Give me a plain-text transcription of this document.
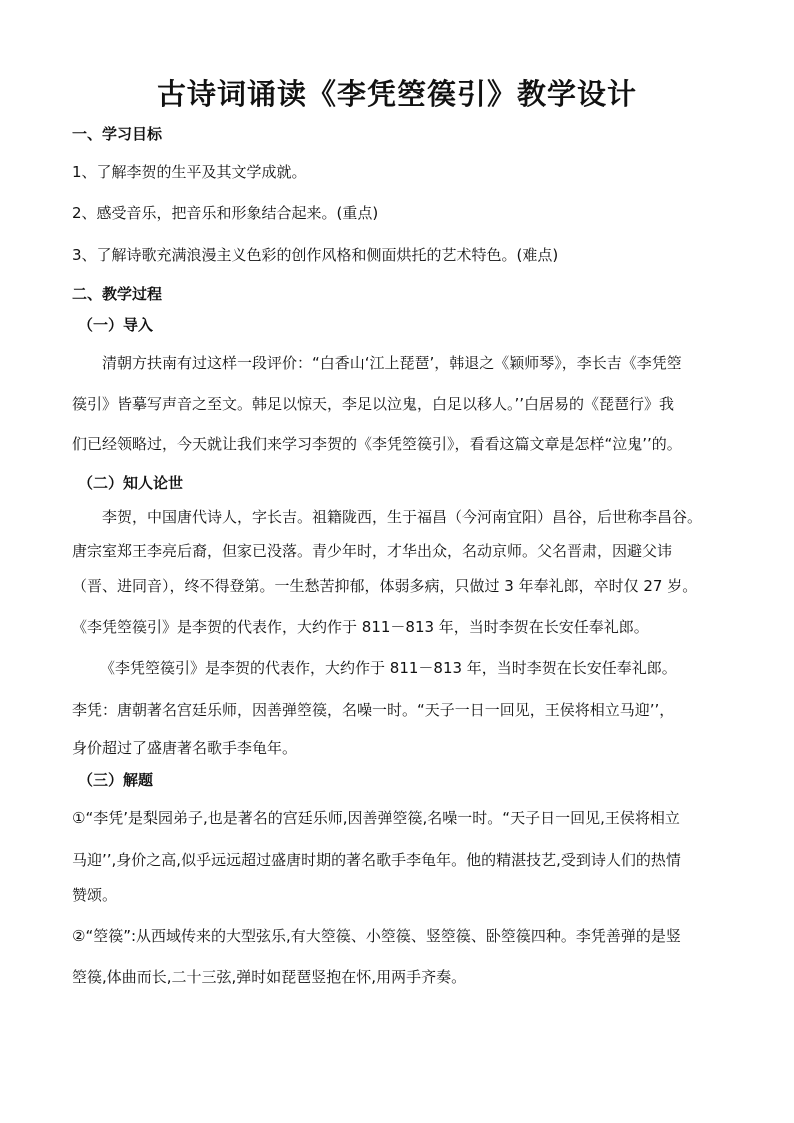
古诗词诵读《李凭箜篌引》教学设计
一、学习目标
1、了解李贺的生平及其文学成就。
2、感受音乐，把音乐和形象结合起来。(重点)
3、了解诗歌充满浪漫主义色彩的创作风格和侧面烘托的艺术特色。(难点)
二、教学过程
（一）导入
清朝方扶南有过这样一段评价：“白香山‘江上琵琶’，韩退之《颖师琴》，李长吉《李凭箜
篌引》皆摹写声音之至文。韩足以惊天，李足以泣鬼，白足以移人。’’白居易的《琵琶行》我
们已经领略过，今天就让我们来学习李贺的《李凭箜篌引》，看看这篇文章是怎样“泣鬼’’的。
（二）知人论世
李贺，中国唐代诗人，字长吉。祖籍陇西，生于福昌（今河南宜阳）昌谷，后世称李昌谷。
唐宗室郑王李亮后裔，但家已没落。青少年时，才华出众，名动京师。父名晋肃，因避父讳
（晋、进同音），终不得登第。一生愁苦抑郁，体弱多病，只做过 3 年奉礼郎，卒时仅 27 岁。
《李凭箜篌引》是李贺的代表作，大约作于 811－813 年，当时李贺在长安任奉礼郎。
《李凭箜篌引》是李贺的代表作，大约作于 811－813 年，当时李贺在长安任奉礼郎。
李凭：唐朝著名宫廷乐师，因善弹箜篌，名噪一时。“天子一日一回见，王侯将相立马迎’’，
身价超过了盛唐著名歌手李龟年。
（三）解题
①“李凭’是梨园弟子,也是著名的宫廷乐师,因善弹箜篌,名噪一时。“天子日一回见,王侯将相立
马迎’’,身价之高,似乎远远超过盛唐时期的著名歌手李龟年。他的精湛技艺,受到诗人们的热情
赞颂。
②“箜篌”:从西域传来的大型弦乐,有大箜篌、小箜篌、竖箜篌、卧箜篌四种。李凭善弹的是竖
箜篌,体曲而长,二十三弦,弹时如琵琶竖抱在怀,用两手齐奏。
